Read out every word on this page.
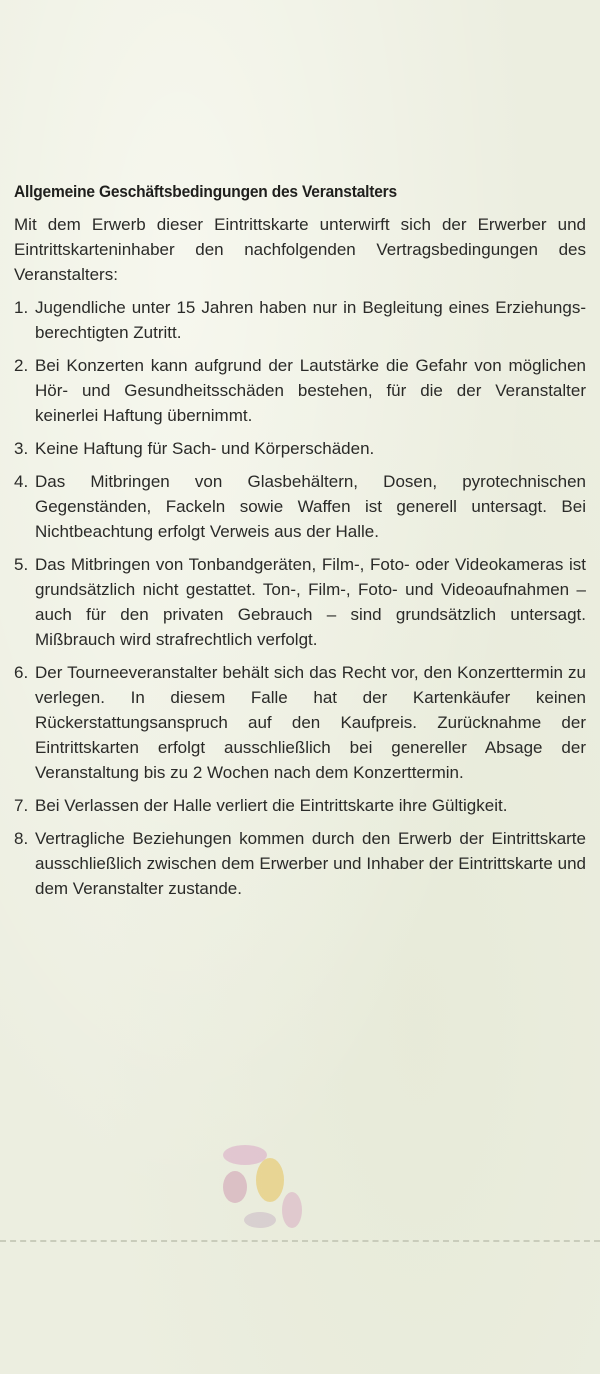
Allgemeine Geschäftsbedingungen des Veranstalters

Mit dem Erwerb dieser Eintrittskarte unterwirft sich der Erwerber und Eintrittskarteninhaber den nachfolgenden Vertragsbedingungen des Veranstalters:

1. Jugendliche unter 15 Jahren haben nur in Begleitung eines Erziehungs-berechtigten Zutritt.
2. Bei Konzerten kann aufgrund der Lautstärke die Gefahr von möglichen Hör- und Gesundheitsschäden bestehen, für die der Veranstalter keinerlei Haftung übernimmt.
3. Keine Haftung für Sach- und Körperschäden.
4. Das Mitbringen von Glasbehältern, Dosen, pyrotechnischen Gegenständen, Fackeln sowie Waffen ist generell untersagt. Bei Nichtbeachtung erfolgt Verweis aus der Halle.
5. Das Mitbringen von Tonbandgeräten, Film-, Foto- oder Videokameras ist grundsätzlich nicht gestattet. Ton-, Film-, Foto- und Videoaufnahmen – auch für den privaten Gebrauch – sind grundsätzlich untersagt. Mißbrauch wird strafrechtlich verfolgt.
6. Der Tourneeveranstalter behält sich das Recht vor, den Konzerttermin zu verlegen. In diesem Falle hat der Kartenkäufer keinen Rückerstattungsanspruch auf den Kaufpreis. Zurücknahme der Eintrittskarten erfolgt ausschließlich bei genereller Absage der Veranstaltung bis zu 2 Wochen nach dem Konzerttermin.
7. Bei Verlassen der Halle verliert die Eintrittskarte ihre Gültigkeit.
8. Vertragliche Beziehungen kommen durch den Erwerb der Eintrittskarte ausschließlich zwischen dem Erwerber und Inhaber der Eintrittskarte und dem Veranstalter zustande.
